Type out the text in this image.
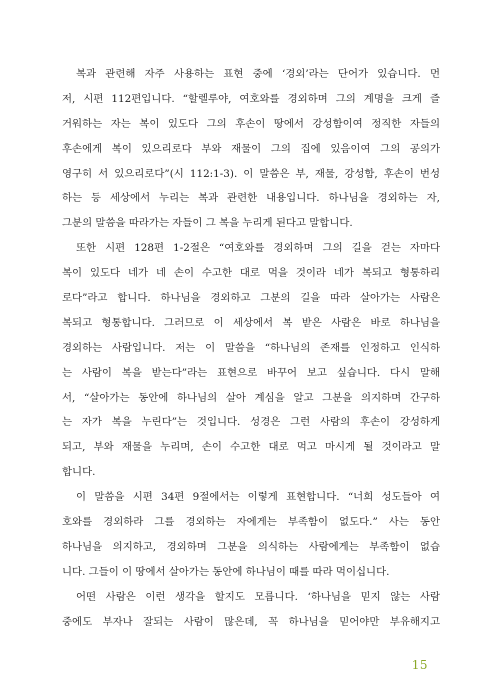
복과 관련해 자주 사용하는 표현 중에 ‘경외’라는 단어가 있습니다. 먼
저, 시편 112편입니다. “할렐루야, 여호와를 경외하며 그의 계명을 크게 즐
거워하는 자는 복이 있도다 그의 후손이 땅에서 강성함이여 정직한 자들의
후손에게 복이 있으리로다 부와 재물이 그의 집에 있음이여 그의 공의가
영구히 서 있으리로다”(시 112:1-3). 이 말씀은 부, 재물, 강성함, 후손이 번성
하는 등 세상에서 누리는 복과 관련한 내용입니다. 하나님을 경외하는 자,
그분의 말씀을 따라가는 자들이 그 복을 누리게 된다고 말합니다.
또한 시편 128편 1-2절은 “여호와를 경외하며 그의 길을 걷는 자마다
복이 있도다 네가 네 손이 수고한 대로 먹을 것이라 네가 복되고 형통하리
로다”라고 합니다. 하나님을 경외하고 그분의 길을 따라 살아가는 사람은
복되고 형통합니다. 그러므로 이 세상에서 복 받은 사람은 바로 하나님을
경외하는 사람입니다. 저는 이 말씀을 “하나님의 존재를 인정하고 인식하
는 사람이 복을 받는다”라는 표현으로 바꾸어 보고 싶습니다. 다시 말해
서, “살아가는 동안에 하나님의 살아 계심을 알고 그분을 의지하며 간구하
는 자가 복을 누린다”는 것입니다. 성경은 그런 사람의 후손이 강성하게
되고, 부와 재물을 누리며, 손이 수고한 대로 먹고 마시게 될 것이라고 말
합니다.
이 말씀을 시편 34편 9절에서는 이렇게 표현합니다. “너희 성도들아 여
호와를 경외하라 그를 경외하는 자에게는 부족함이 없도다.” 사는 동안
하나님을 의지하고, 경외하며 그분을 의식하는 사람에게는 부족함이 없습
니다. 그들이 이 땅에서 살아가는 동안에 하나님이 때를 따라 먹이십니다.
어떤 사람은 이런 생각을 할지도 모릅니다. ‘하나님을 믿지 않는 사람
중에도 부자나 잘되는 사람이 많은데, 꼭 하나님을 믿어야만 부유해지고
15
